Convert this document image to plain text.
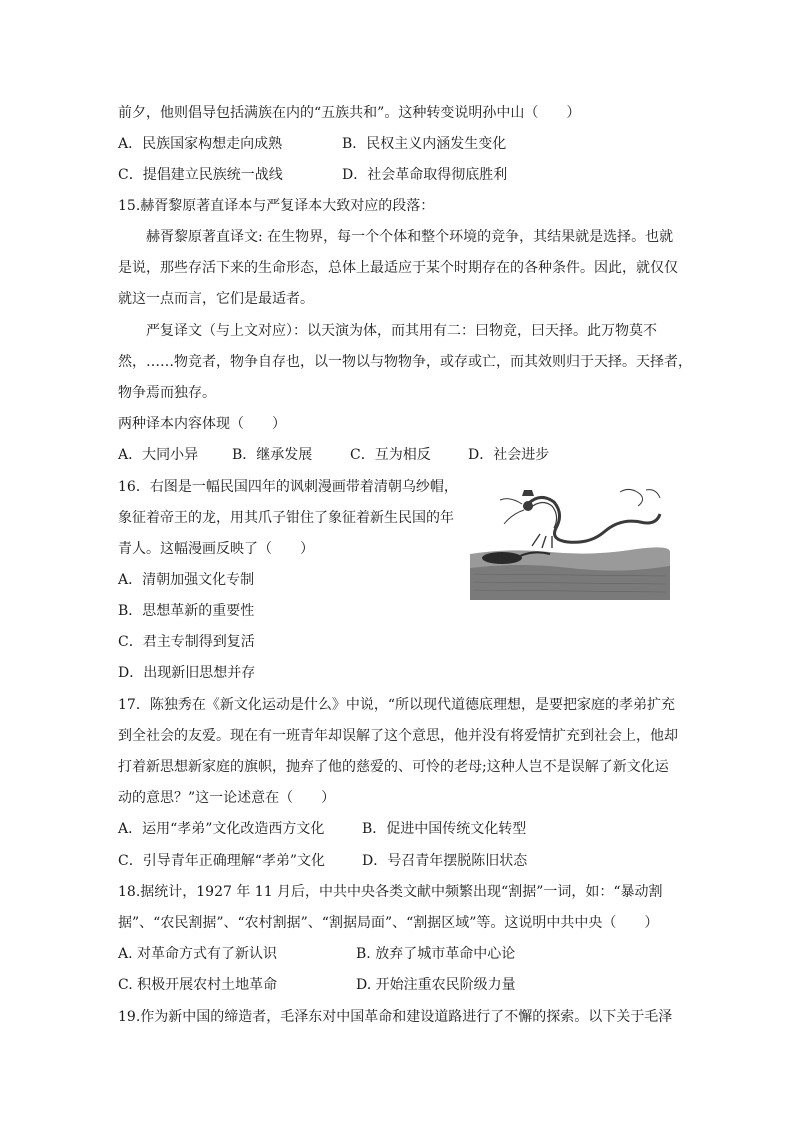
前夕，他则倡导包括满族在内的“五族共和”。这种转变说明孙中山（　　）
A．民族国家构想走向成熟	B．民权主义内涵发生变化
C．提倡建立民族统一战线	D．社会革命取得彻底胜利
15.赫胥黎原著直译本与严复译本大致对应的段落：
赫胥黎原著直译文: 在生物界，每一个个体和整个环境的竞争，其结果就是选择。也就
是说，那些存活下来的生命形态，总体上最适应于某个时期存在的各种条件。因此，就仅仅
就这一点而言，它们是最适者。
严复译文（与上文对应）：以天演为体，而其用有二：曰物竞，曰天择。此万物莫不
然，……物竞者，物争自存也，以一物以与物物争，或存或亡，而其效则归于天择。天择者，
物争焉而独存。
两种译本内容体现（　　）
A．大同小异 B．继承发展	C．互为相反	D．社会进步
16．右图是一幅民国四年的讽刺漫画带着清朝乌纱帽，
象征着帝王的龙，用其爪子钳住了象征着新生民国的年
青人。这幅漫画反映了（　　）
A．清朝加强文化专制
B．思想革新的重要性
C．君主专制得到复活
D．出现新旧思想并存
17．陈独秀在《新文化运动是什么》中说，“所以现代道德底理想，是要把家庭的孝弟扩充
到全社会的友爱。现在有一班青年却误解了这个意思，他并没有将爱情扩充到社会上，他却
打着新思想新家庭的旗帜，抛弃了他的慈爱的、可怜的老母;这种人岂不是误解了新文化运
动的意思？”这一论述意在（　　）
A．运用“孝弟”文化改造西方文化	B．促进中国传统文化转型
C．引导青年正确理解“孝弟”文化	D．号召青年摆脱陈旧状态
18.据统计，1927 年 11 月后，中共中央各类文献中频繁出现“割据”一词，如：“暴动割
据”、“农民割据”、“农村割据”、“割据局面”、“割据区域”等。这说明中共中央（　　）
A. 对革命方式有了新认识	B. 放弃了城市革命中心论
C. 积极开展农村土地革命	D. 开始注重农民阶级力量
19.作为新中国的缔造者，毛泽东对中国革命和建设道路进行了不懈的探索。以下关于毛泽
